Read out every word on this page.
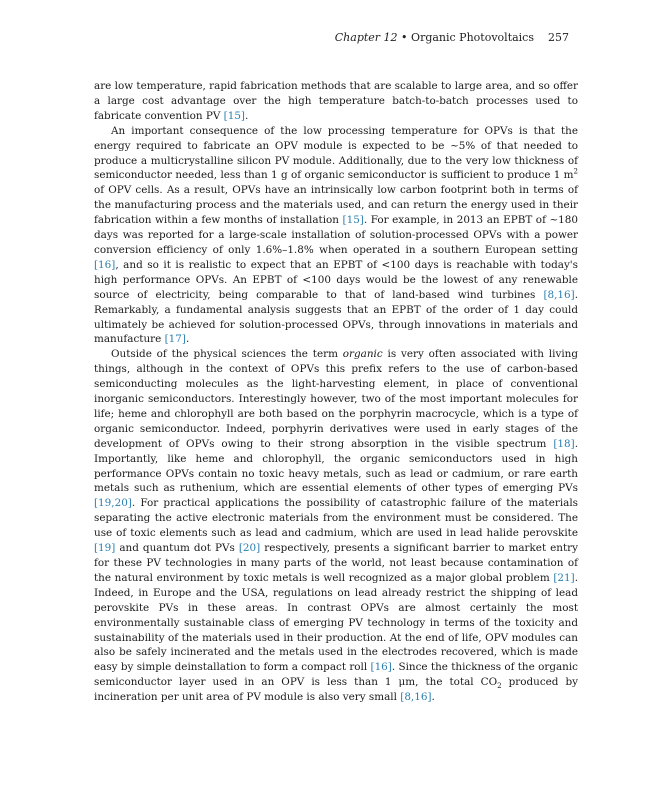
Chapter 12 • Organic Photovoltaics 257

are low temperature, rapid fabrication methods that are scalable to large area, and so offer a large cost advantage over the high temperature batch-to-batch processes used to fabricate convention PV [15].

An important consequence of the low processing temperature for OPVs is that the energy required to fabricate an OPV module is expected to be ~5% of that needed to produce a multicrystalline silicon PV module. Additionally, due to the very low thickness of semiconductor needed, less than 1 g of organic semiconductor is sufficient to produce 1 $m^2$ of OPV cells. As a result, OPVs have an intrinsically low carbon footprint both in terms of the manufacturing process and the materials used, and can return the energy used in their fabrication within a few months of installation [15]. For example, in 2013 an EPBT of ~180 days was reported for a large-scale installation of solution-processed OPVs with a power conversion efficiency of only 1.6%–1.8% when operated in a southern European setting [16], and so it is realistic to expect that an EPBT of <100 days is reachable with today's high performance OPVs. An EPBT of <100 days would be the lowest of any renewable source of electricity, being comparable to that of land-based wind turbines [8,16]. Remarkably, a fundamental analysis suggests that an EPBT of the order of 1 day could ultimately be achieved for solution-processed OPVs, through innovations in materials and manufacture [17].

Outside of the physical sciences the term organic is very often associated with living things, although in the context of OPVs this prefix refers to the use of carbon-based semiconducting molecules as the light-harvesting element, in place of conventional inorganic semiconductors. Interestingly however, two of the most important molecules for life; heme and chlorophyll are both based on the porphyrin macrocycle, which is a type of organic semiconductor. Indeed, porphyrin derivatives were used in early stages of the development of OPVs owing to their strong absorption in the visible spectrum [18]. Importantly, like heme and chlorophyll, the organic semiconductors used in high performance OPVs contain no toxic heavy metals, such as lead or cadmium, or rare earth metals such as ruthenium, which are essential elements of other types of emerging PVs [19,20]. For practical applications the possibility of catastrophic failure of the materials separating the active electronic materials from the environment must be considered. The use of toxic elements such as lead and cadmium, which are used in lead halide perovskite [19] and quantum dot PVs [20] respectively, presents a significant barrier to market entry for these PV technologies in many parts of the world, not least because contamination of the natural environment by toxic metals is well recognized as a major global problem [21]. Indeed, in Europe and the USA, regulations on lead already restrict the shipping of lead perovskite PVs in these areas. In contrast OPVs are almost certainly the most environmentally sustainable class of emerging PV technology in terms of the toxicity and sustainability of the materials used in their production. At the end of life, OPV modules can also be safely incinerated and the metals used in the electrodes recovered, which is made easy by simple deinstallation to form a compact roll [16]. Since the thickness of the organic semiconductor layer used in an OPV is less than 1 μm, the total $CO_2$ produced by incineration per unit area of PV module is also very small [8,16].
